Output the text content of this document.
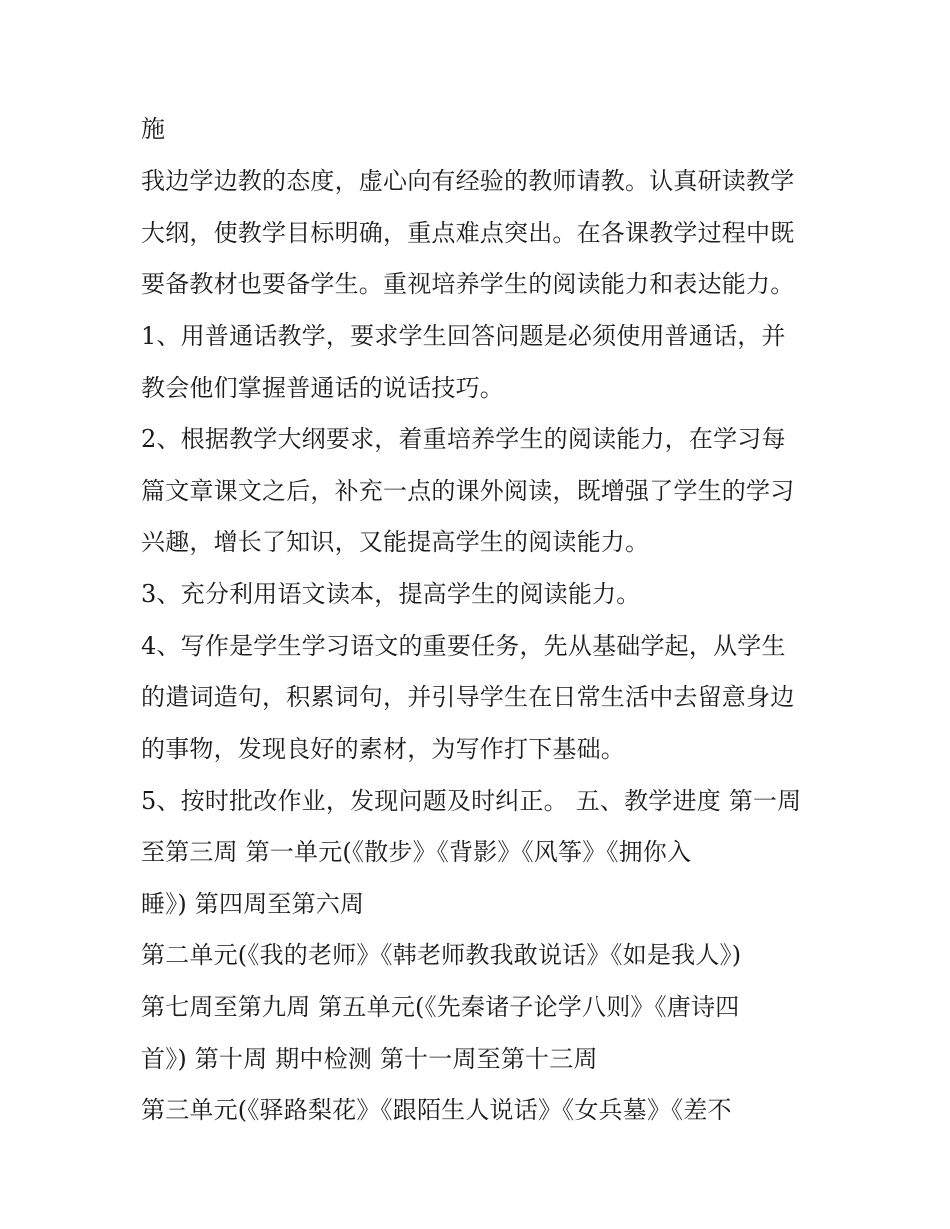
施
我边学边教的态度，虚心向有经验的教师请教。认真研读教学
大纲，使教学目标明确，重点难点突出。在各课教学过程中既
要备教材也要备学生。重视培养学生的阅读能力和表达能力。
1、用普通话教学，要求学生回答问题是必须使用普通话，并
教会他们掌握普通话的说话技巧。
2、根据教学大纲要求，着重培养学生的阅读能力，在学习每
篇文章课文之后，补充一点的课外阅读，既增强了学生的学习
兴趣，增长了知识，又能提高学生的阅读能力。
3、充分利用语文读本，提高学生的阅读能力。
4、写作是学生学习语文的重要任务，先从基础学起，从学生
的遣词造句，积累词句，并引导学生在日常生活中去留意身边
的事物，发现良好的素材，为写作打下基础。
5、按时批改作业，发现问题及时纠正。 五、教学进度 第一周
至第三周 第一单元(《散步》《背影》《风筝》《拥你入
睡》) 第四周至第六周
第二单元(《我的老师》《韩老师教我敢说话》《如是我人》)
第七周至第九周 第五单元(《先秦诸子论学八则》《唐诗四
首》) 第十周 期中检测 第十一周至第十三周
第三单元(《驿路梨花》《跟陌生人说话》《女兵墓》《差不
